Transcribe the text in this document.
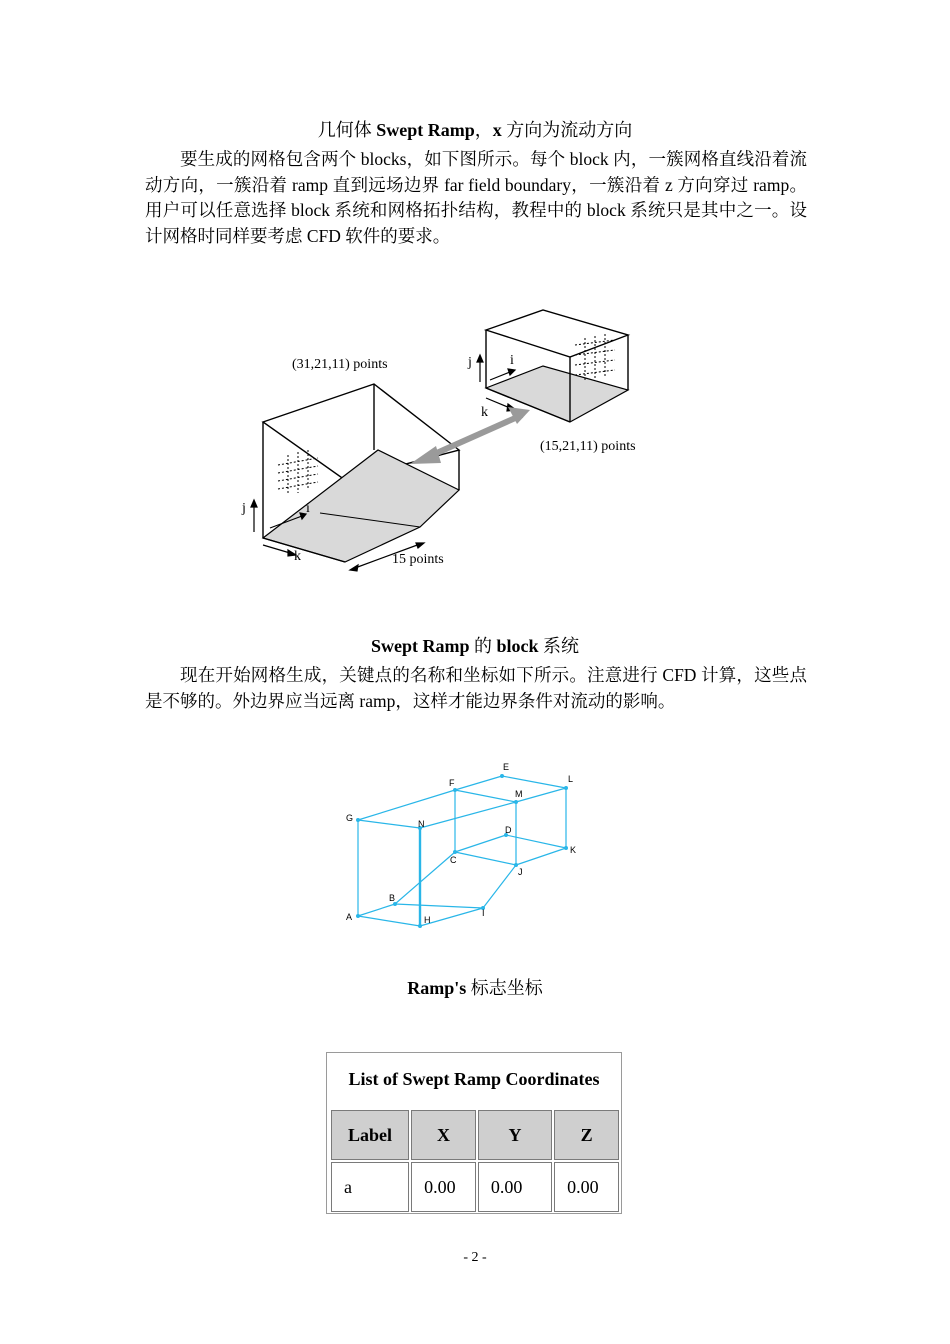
几何体 Swept Ramp，x 方向为流动方向
要生成的网格包含两个 blocks，如下图所示。每个 block 内，一簇网格直线沿着流动方向，一簇沿着 ramp 直到远场边界 far field boundary，一簇沿着 z 方向穿过 ramp。用户可以任意选择 block 系统和网格拓扑结构，教程中的 block 系统只是其中之一。设计网格时同样要考虑 CFD 软件的要求。
j	i
k	15 points
(31,21,11) points	j	i
k
(15,21,11) points
Swept Ramp 的 block 系统
现在开始网格生成，关键点的名称和坐标如下所示。注意进行 CFD 计算，这些点是不够的。外边界应当远离 ramp，这样才能边界条件对流动的影响。
A
B
C
D
E
F
G
H
I
J
K
L
M
N
Ramp's 标志坐标
List of Swept Ramp Coordinates
Label	X	Y	Z
a	0.00	0.00	0.00
- 2 -
